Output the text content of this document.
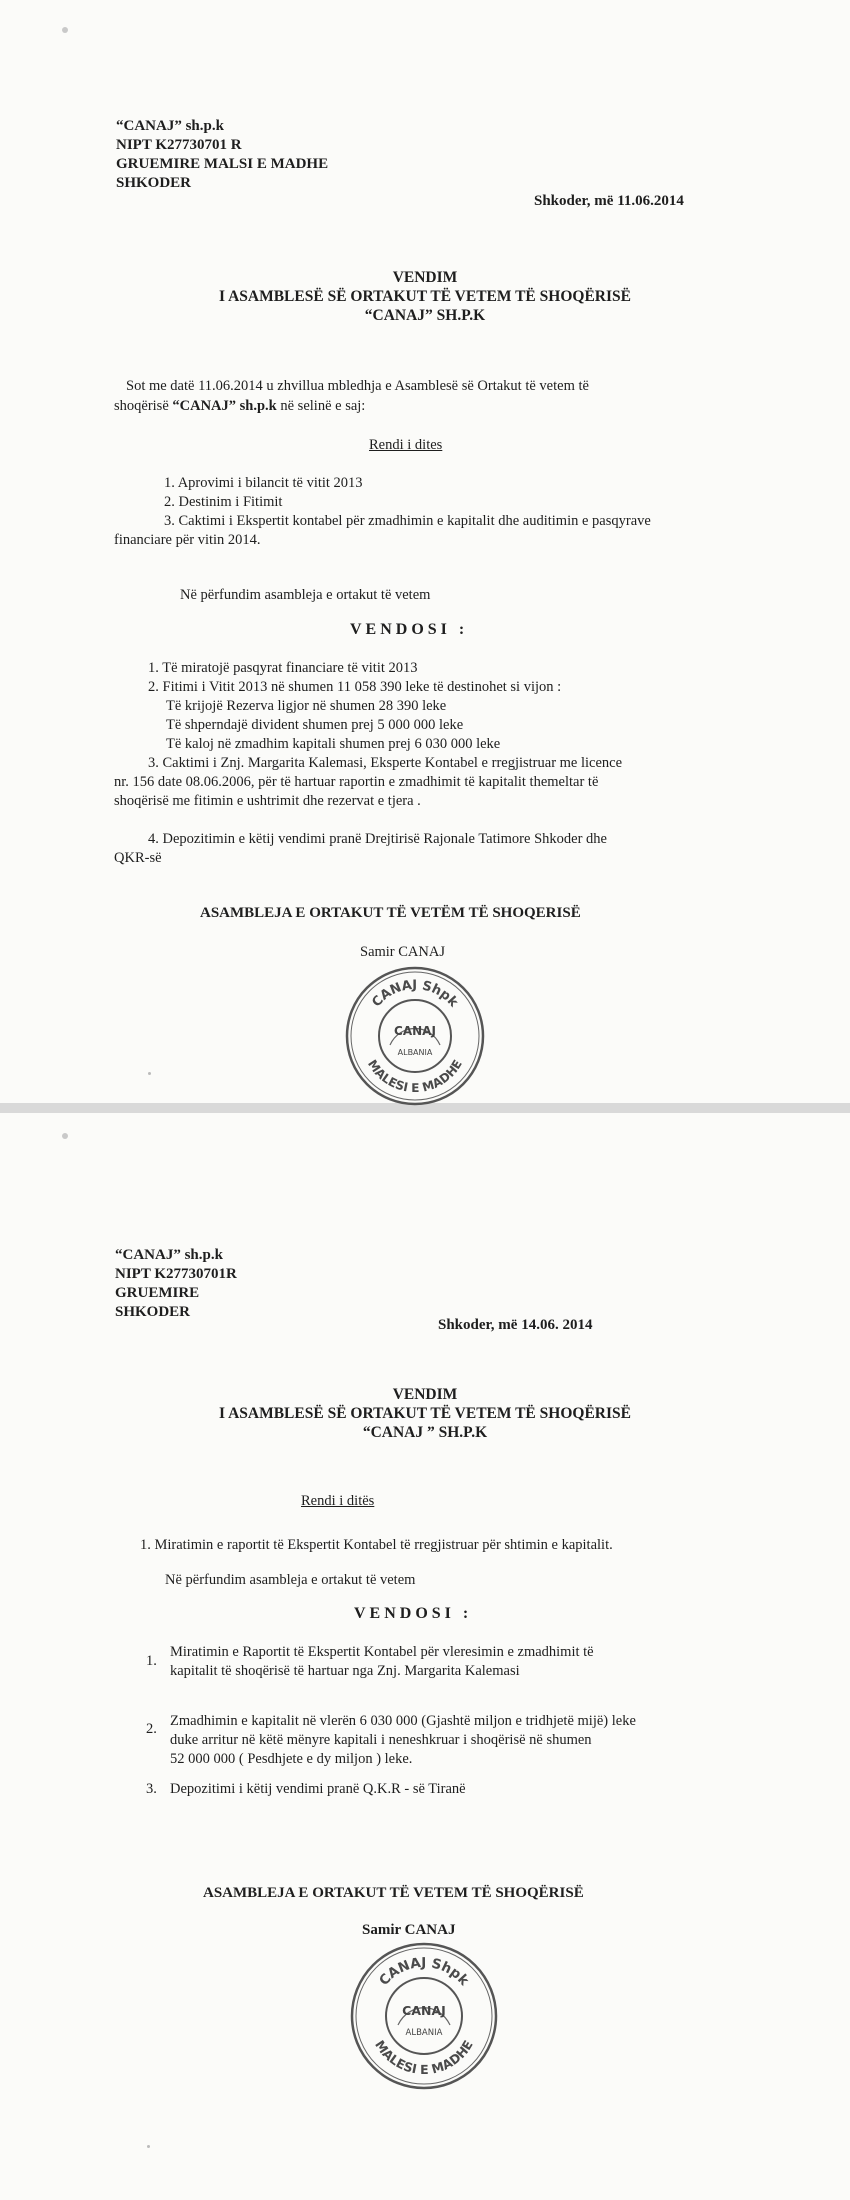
“CANAJ” sh.p.k
NIPT K27730701 R
GRUEMIRE MALSI E MADHE
SHKODER
Shkoder, më 11.06.2014
VENDIM
I ASAMBLESË SË ORTAKUT TË VETEM TË SHOQËRISË
“CANAJ” SH.P.K
Sot me datë 11.06.2014 u zhvillua mbledhja e Asamblesë së Ortakut të vetem të
shoqërisë “CANAJ” sh.p.k në selinë e saj:
Rendi i dites
1. Aprovimi i bilancit të vitit 2013
2. Destinim i Fitimit
3. Caktimi i Ekspertit kontabel për zmadhimin e kapitalit dhe auditimin e pasqyrave
financiare për vitin 2014.
Në përfundim asambleja e ortakut të vetem
VENDOSI :
1. Të miratojë pasqyrat financiare të vitit 2013
2. Fitimi i Vitit 2013 në shumen 11 058 390 leke të destinohet si vijon :
Të krijojë Rezerva ligjor në shumen 28 390 leke
Të shperndajë divident shumen prej 5 000 000 leke
Të kaloj në zmadhim kapitali shumen prej 6 030 000 leke
3. Caktimi i Znj. Margarita Kalemasi, Eksperte Kontabel e rregjistruar me licence
nr. 156 date 08.06.2006, për të hartuar raportin e zmadhimit të kapitalit themeltar të
shoqërisë me fitimin e ushtrimit dhe rezervat e tjera .
4. Depozitimin e këtij vendimi pranë Drejtirisë Rajonale Tatimore Shkoder dhe
QKR-së
ASAMBLEJA E ORTAKUT TË VETËM TË SHOQERISË
Samir CANAJ
CANAJ Shpk
MALESI E MADHE
CANAJ
ALBANIA
“CANAJ” sh.p.k
NIPT K27730701R
GRUEMIRE
SHKODER
Shkoder, më 14.06. 2014
VENDIM
I ASAMBLESË SË ORTAKUT TË VETEM TË SHOQËRISË
“CANAJ ” SH.P.K
Rendi i ditës
1. Miratimin e raportit të Ekspertit Kontabel të rregjistruar për shtimin e kapitalit.
Në përfundim asambleja e ortakut të vetem
VENDOSI :
1.
Miratimin e Raportit të Ekspertit Kontabel për vleresimin e zmadhimit të
kapitalit të shoqërisë të hartuar nga Znj. Margarita Kalemasi
2. Zmadhimin e kapitalit në vlerën 6 030 000 (Gjashtë miljon e tridhjetë mijë) leke
duke arritur në këtë mënyre kapitali i neneshkruar i shoqërisë në shumen
52 000 000 ( Pesdhjete e dy miljon ) leke.
3. Depozitimi i këtij vendimi pranë Q.K.R - së Tiranë
ASAMBLEJA E ORTAKUT TË VETEM TË SHOQËRISË
Samir CANAJ
CANAJ Shpk
MALESI E MADHE
CANAJ
ALBANIA
